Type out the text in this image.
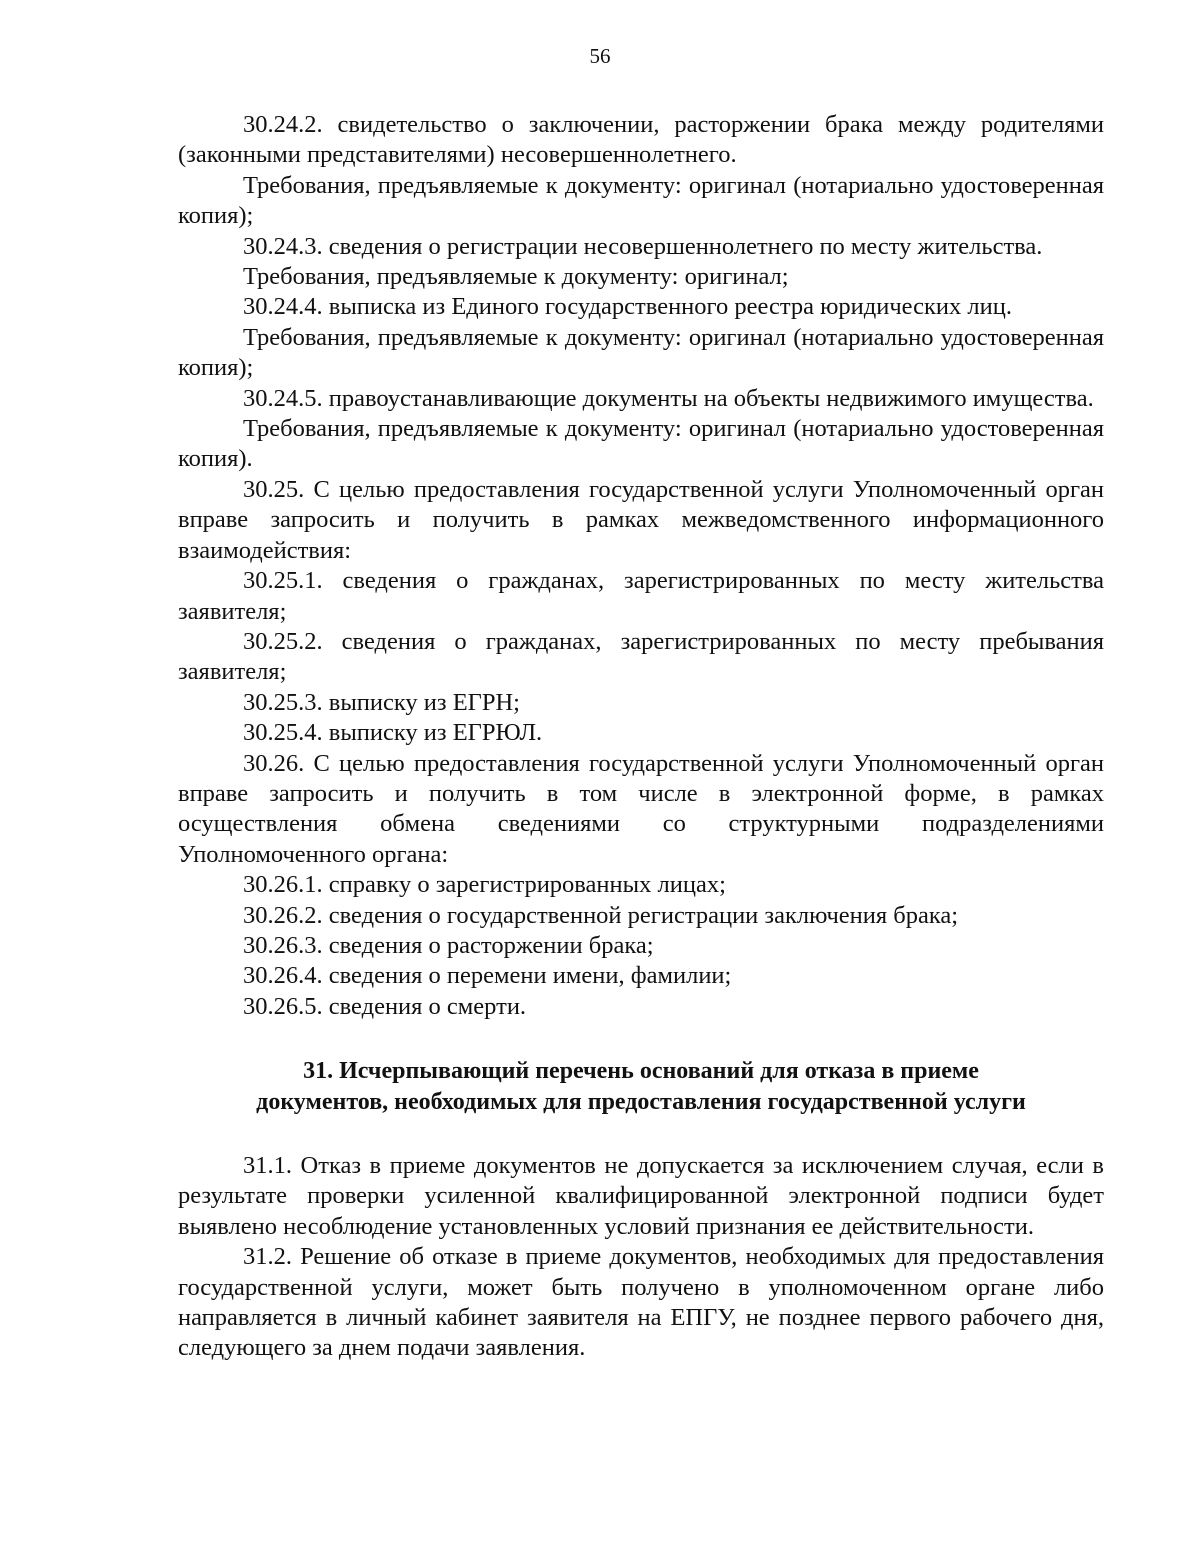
56

30.24.2. свидетельство о заключении, расторжении брака между родителями (законными представителями) несовершеннолетнего.

Требования, предъявляемые к документу: оригинал (нотариально удостоверенная копия);

30.24.3. сведения о регистрации несовершеннолетнего по месту жительства.

Требования, предъявляемые к документу: оригинал;

30.24.4. выписка из Единого государственного реестра юридических лиц.

Требования, предъявляемые к документу: оригинал (нотариально удостоверенная копия);

30.24.5. правоустанавливающие документы на объекты недвижимого имущества.

Требования, предъявляемые к документу: оригинал (нотариально удостоверенная копия).

30.25. С целью предоставления государственной услуги Уполномоченный орган вправе запросить и получить в рамках межведомственного информационного взаимодействия:

30.25.1. сведения о гражданах, зарегистрированных по месту жительства заявителя;

30.25.2. сведения о гражданах, зарегистрированных по месту пребывания заявителя;

30.25.3. выписку из ЕГРН;

30.25.4. выписку из ЕГРЮЛ.

30.26. С целью предоставления государственной услуги Уполномоченный орган вправе запросить и получить в том числе в электронной форме, в рамках осуществления обмена сведениями со структурными подразделениями Уполномоченного органа:

30.26.1. справку о зарегистрированных лицах;

30.26.2. сведения о государственной регистрации заключения брака;

30.26.3. сведения о расторжении брака;

30.26.4. сведения о перемени имени, фамилии;

30.26.5. сведения о смерти.

31. Исчерпывающий перечень оснований для отказа в приеме
документов, необходимых для предоставления государственной услуги

31.1. Отказ в приеме документов не допускается за исключением случая, если в результате проверки усиленной квалифицированной электронной подписи будет выявлено несоблюдение установленных условий признания ее действительности.

31.2. Решение об отказе в приеме документов, необходимых для предоставления государственной услуги, может быть получено в уполномоченном органе либо направляется в личный кабинет заявителя на ЕПГУ, не позднее первого рабочего дня, следующего за днем подачи заявления.
